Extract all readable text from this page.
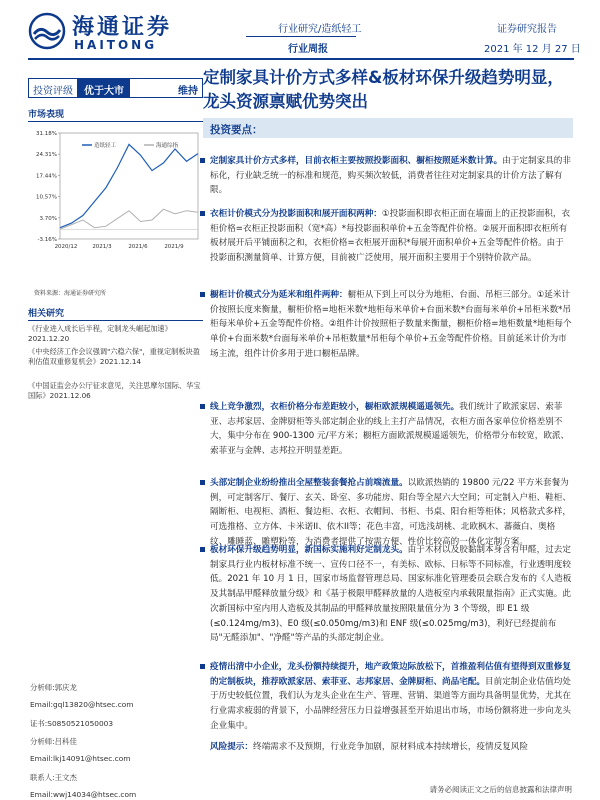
海通证券
HAITONG
行业研究/造纸轻工
行业周报
证券研究报告
2021 年 12 月 27 日
投资评级	优于大市	维持
市场表现
31.18%
24.31%
17.44%
10.57%
3.70%
-3.16%
2020/12	2021/3	2021/6	2021/9
造纸轻工	海通综指
资料来源：海通证券研究所
相关研究
《行业进入成长后半程，定制龙头崛起加速》2021.12.20
《中央经济工作会议强调"六稳六保"，重视定制板块盈利估值双重修复机会》2021.12.14
《中国证监会办公厅征求意见，关注思摩尔国际、华宝国际》2021.12.06
分析师:郭庆龙
Email:gql13820@htsec.com
证书:S0850521050003
分析师:吕科佳
Email:lkj14091@htsec.com
联系人:王文杰
Email:wwj14034@htsec.com
定制家具计价方式多样&板材环保升级趋势明显，龙头资源禀赋优势突出
投资要点：
定制家具计价方式多样，目前衣柜主要按照投影面积、橱柜按照延米数计算。由于定制家具的非标化，行业缺乏统一的标准和规范，购买频次较低，消费者往往对定制家具的计价方法了解有限。
衣柜计价模式分为投影面积和展开面积两种：①投影面积即衣柜正面在墙面上的正投影面积，衣柜价格=衣柜正投影面积（宽*高）*每投影面积单价+五金等配件价格。②展开面积即衣柜所有板材展开后平铺面积之和，衣柜价格=衣柜展开面积*每展开面积单价+五金等配件价格。由于投影面积测量简单、计算方便，目前被广泛使用，展开面积主要用于个别特价款产品。
橱柜计价模式分为延米和组件两种：橱柜从下到上可以分为地柜、台面、吊柜三部分。①延米计价按照长度来衡量，橱柜价格=地柜米数*地柜每米单价+台面米数*台面每米单价+吊柜米数*吊柜每米单价+五金等配件价格。②组件计价按照柜子数量来衡量，橱柜价格=地柜数量*地柜每个单价+台面米数*台面每米单价+吊柜数量*吊柜每个单价+五金等配件价格。目前延米计价为市场主流，组件计价多用于进口橱柜品牌。
线上竞争激烈，衣柜价格分布差距较小，橱柜欧派规模遥遥领先。我们统计了欧派家居、索菲亚、志邦家居、金牌厨柜等头部定制企业的线上主打产品情况，衣柜方面各家单位价格差别不大，集中分布在 900-1300 元/平方米；橱柜方面欧派规模遥遥领先，价格带分布较宽，欧派、索菲亚与金牌、志邦拉开明显差距。
头部定制企业纷纷推出全屋整装套餐抢占前端流量。以欧派热销的 19800 元/22 平方米套餐为例，可定制客厅、餐厅、玄关、卧室、多功能房、阳台等全屋六大空间；可定制入户柜、鞋柜、隔断柜、电视柜、酒柜、餐边柜、衣柜、衣帽间、书柜、书桌、阳台柜等柜体；风格款式多样，可选推格、立方体、卡米诺II、依木II等；花色丰富，可选浅胡桃、北欧枫木、蕃薇白、奥格纹、雕睡蓝、雕塑粉等，为消费者提供了按需方便、性价比较高的一体化定制方案。
板材环保升级趋势明显，新国标实施利好定制龙头。由于木材以及胶黏制本身含有甲醛，过去定制家具行业内板材标准不统一、宣传口径不一，有美标、欧标、日标等不同标准，行业透明度较低。2021 年 10 月 1 日，国家市场监督管理总局、国家标准化管理委员会联合发布的《人造板及其制品甲醛释放量分级》和《基于极限甲醛释放量的人造板室内承载限量指南》正式实施。此次新国标中室内用人造板及其制品的甲醛释放量按照限量值分为 3 个等级，即 E1 级(≤0.124mg/m3)、E0 级(≤0.050mg/m3)和 ENF 级(≤0.025mg/m3)，利好已经提前布局"无醛添加"、"净醛"等产品的头部定制企业。
疫情出清中小企业，龙头份额持续提升，地产政策边际放松下，首推盈利估值有望得到双重修复的定制板块，推荐欧派家居、索菲亚、志邦家居、金牌厨柜、尚品宅配。目前定制企业估值均处于历史较低位置，我们认为龙头企业在生产、管理、营销、渠道等方面均具备明显优势，尤其在行业需求疲弱的背景下，小品牌经营压力日益增强甚至开始退出市场，市场份额将进一步向龙头企业集中。
风险提示：终端需求不及预期，行业竞争加剧，原材料成本持续增长，疫情反复风险
请务必阅读正文之后的信息披露和法律声明
